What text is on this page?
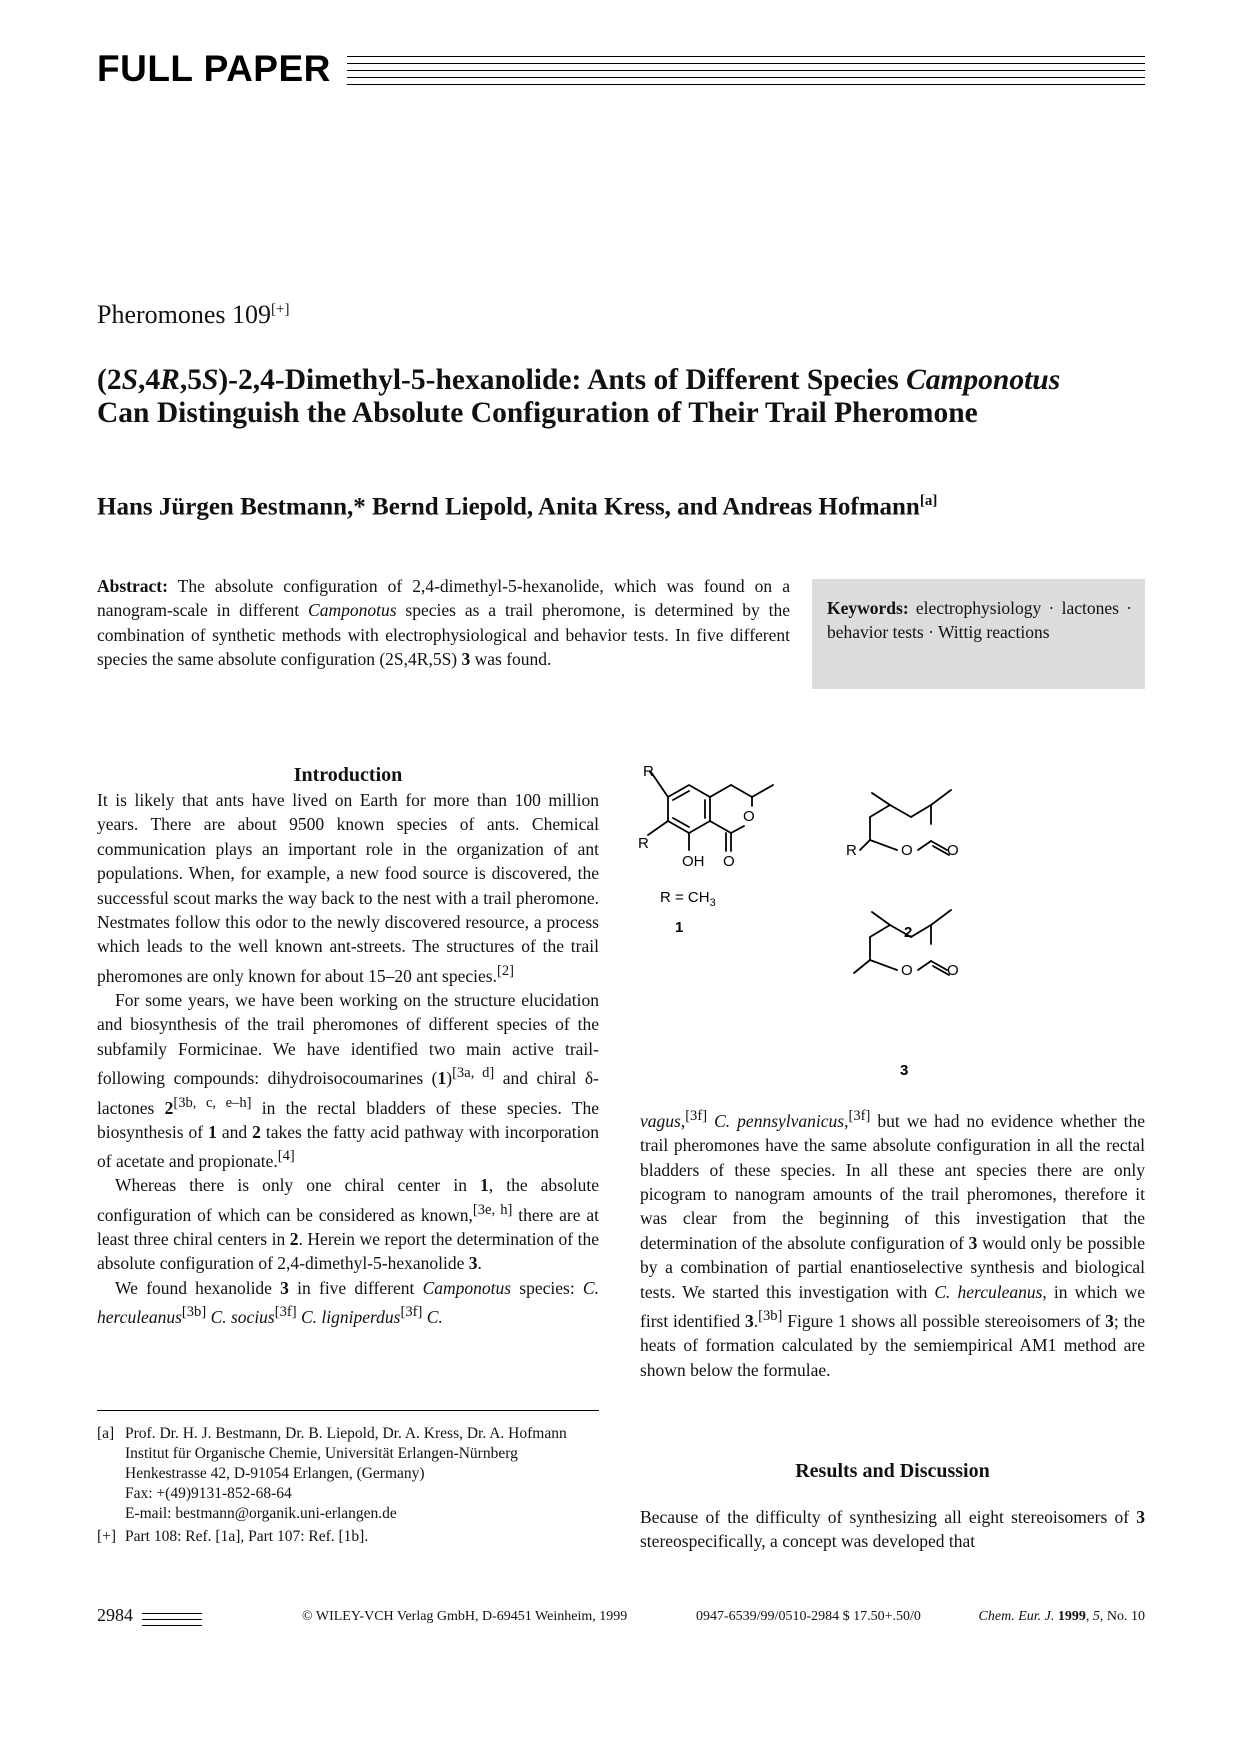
FULL PAPER
Pheromones 109[+]
(2S,4R,5S)-2,4-Dimethyl-5-hexanolide: Ants of Different Species Camponotus Can Distinguish the Absolute Configuration of Their Trail Pheromone
Hans Jürgen Bestmann,* Bernd Liepold, Anita Kress, and Andreas Hofmann[a]

Abstract: The absolute configuration of 2,4-dimethyl-5-hexanolide, which was found on a nanogram-scale in different Camponotus species as a trail pheromone, is determined by the combination of synthetic methods with electrophysiological and behavior tests. In five different species the same absolute configuration (2S,4R,5S) 3 was found.

Keywords: electrophysiology · lactones · behavior tests · Wittig reactions

Introduction

It is likely that ants have lived on Earth for more than 100 million years. There are about 9500 known species of ants. Chemical communication plays an important role in the organization of ant populations. When, for example, a new food source is discovered, the successful scout marks the way back to the nest with a trail pheromone. Nestmates follow this odor to the newly discovered resource, a process which leads to the well known ant-streets. The structures of the trail pheromones are only known for about 15–20 ant species.[2]

For some years, we have been working on the structure elucidation and biosynthesis of the trail pheromones of different species of the subfamily Formicinae. We have identified two main active trail-following compounds: dihydroisocoumarines (1)[3a, d] and chiral δ-lactones 2[3b, c, e–h] in the rectal bladders of these species. The biosynthesis of 1 and 2 takes the fatty acid pathway with incorporation of acetate and propionate.[4]

Whereas there is only one chiral center in 1, the absolute configuration of which can be considered as known,[3e, h] there are at least three chiral centers in 2. Herein we report the determination of the absolute configuration of 2,4-dimethyl-5-hexanolide 3.

We found hexanolide 3 in five different Camponotus species: C. herculeanus[3b] C. socius[3f] C. ligniperdus[3f] C.

R
R
O
OH O
$R = CH_3$
1
R	O O
2
O O
3

vagus,[3f] C. pennsylvanicus,[3f] but we had no evidence whether the trail pheromones have the same absolute configuration in all the rectal bladders of these species. In all these ant species there are only picogram to nanogram amounts of the trail pheromones, therefore it was clear from the beginning of this investigation that the determination of the absolute configuration of 3 would only be possible by a combination of partial enantioselective synthesis and biological tests. We started this investigation with C. herculeanus, in which we first identified 3.[3b] Figure 1 shows all possible stereoisomers of 3; the heats of formation calculated by the semiempirical AM1 method are shown below the formulae.

Results and Discussion

Because of the difficulty of synthesizing all eight stereoisomers of 3 stereospecifically, a concept was developed that

[a] Prof. Dr. H. J. Bestmann, Dr. B. Liepold, Dr. A. Kress, Dr. A. Hofmann
Institut für Organische Chemie, Universität Erlangen-Nürnberg
Henkestrasse 42, D-91054 Erlangen, (Germany)
Fax: +(49)9131-852-68-64
E-mail: bestmann@organik.uni-erlangen.de
[+] Part 108: Ref. [1a], Part 107: Ref. [1b].
2984	© WILEY-VCH Verlag GmbH, D-69451 Weinheim, 1999	0947-6539/99/0510-2984 $ 17.50+.50/0	Chem. Eur. J. 1999, 5, No. 10
